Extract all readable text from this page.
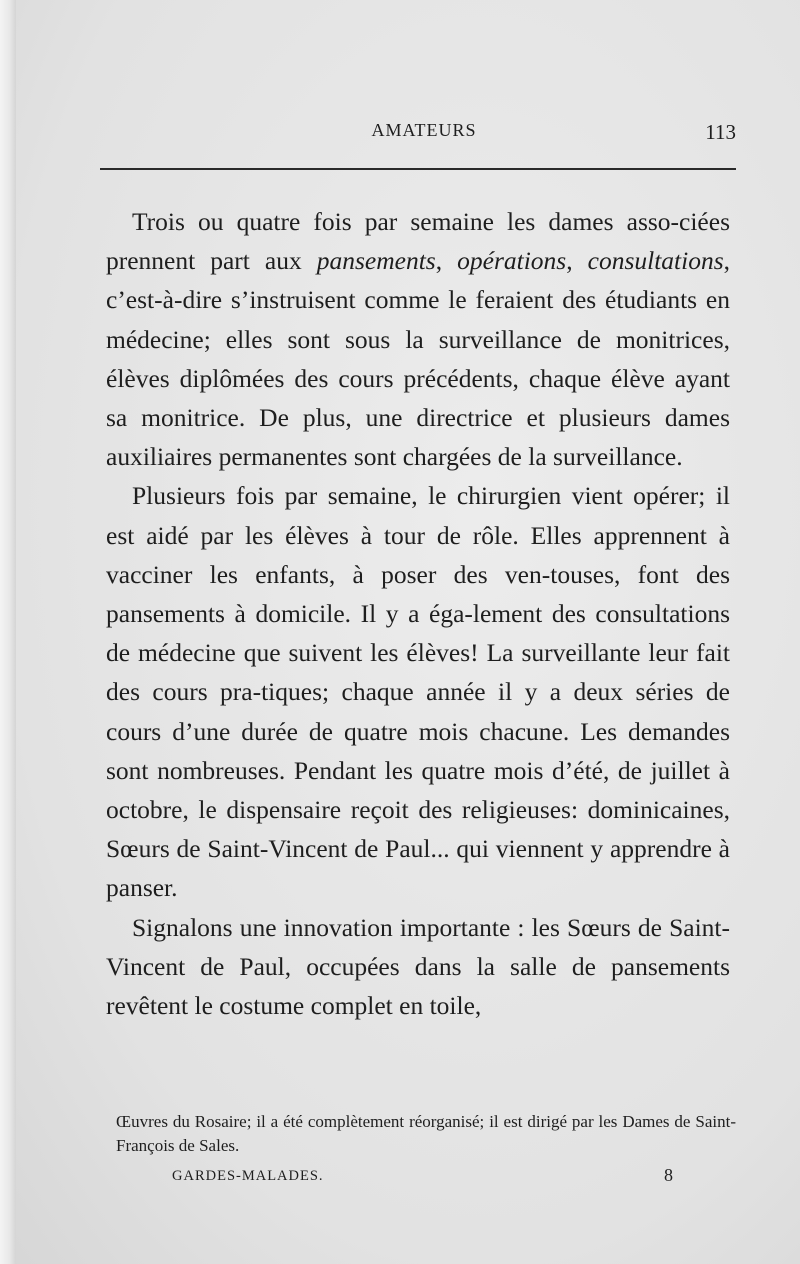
AMATEURS	113

Trois ou quatre fois par semaine les dames asso-ciées prennent part aux pansements, opérations, consultations, c’est-à-dire s’instruisent comme le feraient des étudiants en médecine; elles sont sous la surveillance de monitrices, élèves diplômées des cours précédents, chaque élève ayant sa monitrice. De plus, une directrice et plusieurs dames auxiliaires permanentes sont chargées de la surveillance.

Plusieurs fois par semaine, le chirurgien vient opérer; il est aidé par les élèves à tour de rôle. Elles apprennent à vacciner les enfants, à poser des ven-touses, font des pansements à domicile. Il y a éga-lement des consultations de médecine que suivent les élèves! La surveillante leur fait des cours pra-tiques; chaque année il y a deux séries de cours d’une durée de quatre mois chacune. Les demandes sont nombreuses. Pendant les quatre mois d’été, de juillet à octobre, le dispensaire reçoit des religieuses: dominicaines, Sœurs de Saint-Vincent de Paul... qui viennent y apprendre à panser.

Signalons une innovation importante : les Sœurs de Saint-Vincent de Paul, occupées dans la salle de pansements revêtent le costume complet en toile,

Œuvres du Rosaire; il a été complètement réorganisé; il est dirigé par les Dames de Saint-François de Sales.
GARDES-MALADES.	8
